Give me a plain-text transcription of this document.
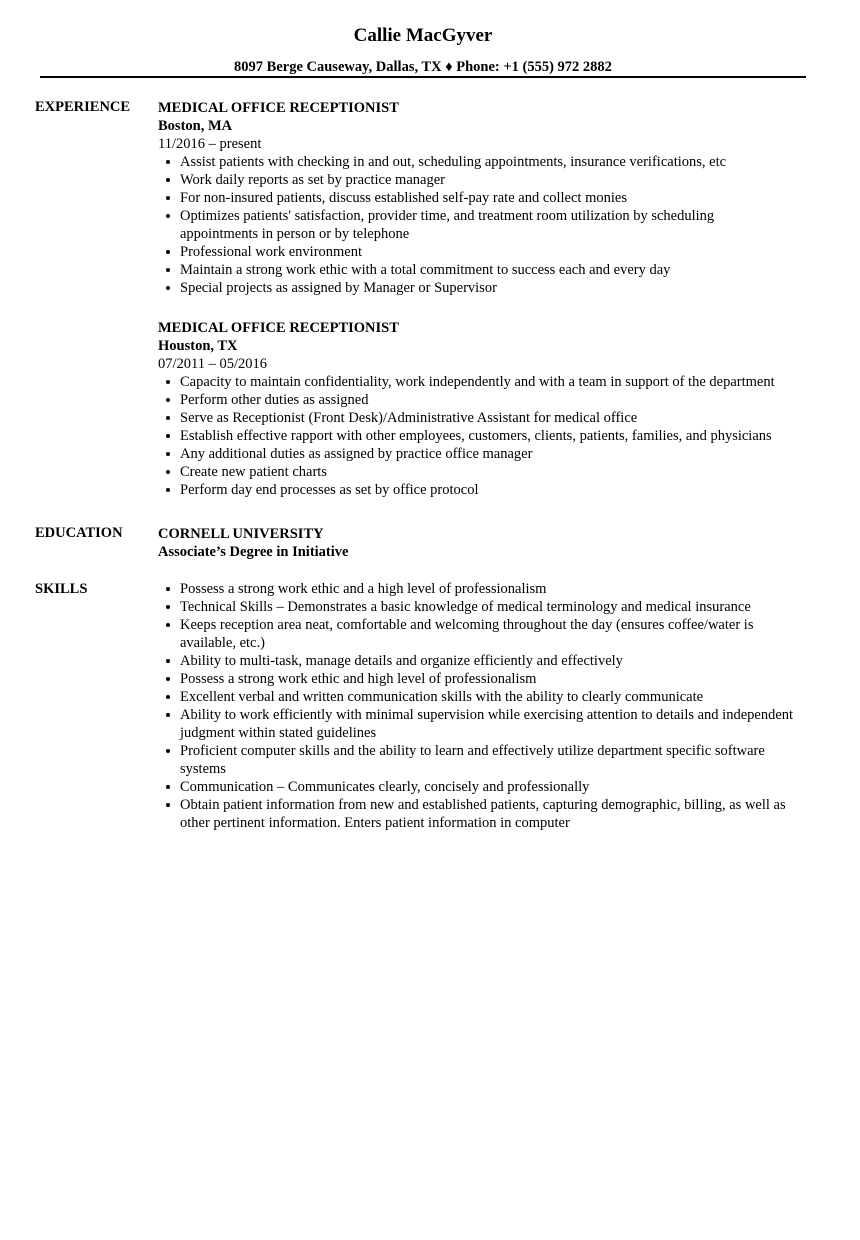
Callie MacGyver
8097 Berge Causeway, Dallas, TX ♦ Phone: +1 (555) 972 2882
EXPERIENCE MEDICAL OFFICE RECEPTIONIST
Boston, MA
11/2016 – present
Assist patients with checking in and out, scheduling appointments, insurance verifications, etc
Work daily reports as set by practice manager
For non-insured patients, discuss established self-pay rate and collect monies
Optimizes patients' satisfaction, provider time, and treatment room utilization by scheduling appointments in person or by telephone
Professional work environment
Maintain a strong work ethic with a total commitment to success each and every day
Special projects as assigned by Manager or Supervisor
MEDICAL OFFICE RECEPTIONIST
Houston, TX
07/2011 – 05/2016
Capacity to maintain confidentiality, work independently and with a team in support of the department
Perform other duties as assigned
Serve as Receptionist (Front Desk)/Administrative Assistant for medical office
Establish effective rapport with other employees, customers, clients, patients, families, and physicians
Any additional duties as assigned by practice office manager
Create new patient charts
Perform day end processes as set by office protocol
EDUCATION CORNELL UNIVERSITY
Associate’s Degree in Initiative
SKILLS	Possess a strong work ethic and a high level of professionalism
Technical Skills – Demonstrates a basic knowledge of medical terminology and medical insurance
Keeps reception area neat, comfortable and welcoming throughout the day (ensures coffee/water is available, etc.)
Ability to multi-task, manage details and organize efficiently and effectively
Possess a strong work ethic and high level of professionalism
Excellent verbal and written communication skills with the ability to clearly communicate
Ability to work efficiently with minimal supervision while exercising attention to details and independent judgment within stated guidelines
Proficient computer skills and the ability to learn and effectively utilize department specific software systems
Communication – Communicates clearly, concisely and professionally
Obtain patient information from new and established patients, capturing demographic, billing, as well as other pertinent information. Enters patient information in computer
